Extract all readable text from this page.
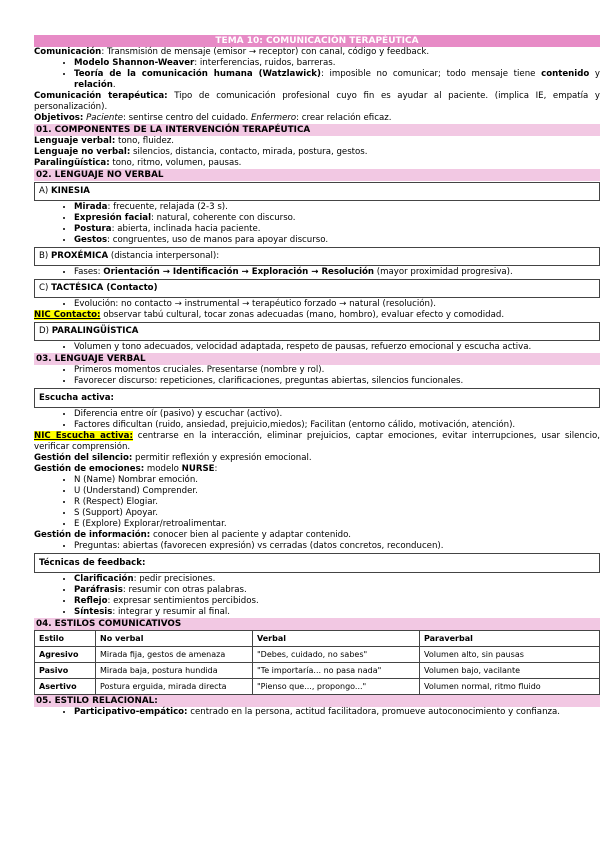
TEMA 10: COMUNICACIÓN TERAPÉUTICA

Comunicación: Transmisión de mensaje (emisor → receptor) con canal, código y feedback.

• Modelo Shannon-Weaver: interferencias, ruidos, barreras.
• Teoría de la comunicación humana (Watzlawick): imposible no comunicar; todo mensaje tiene contenido y relación.

Comunicación terapéutica: Tipo de comunicación profesional cuyo fin es ayudar al paciente. (implica IE, empatía y personalización).

Objetivos: Paciente: sentirse centro del cuidado. Enfermero: crear relación eficaz.

01. COMPONENTES DE LA INTERVENCIÓN TERAPÉUTICA

Lenguaje verbal: tono, fluidez.

Lenguaje no verbal: silencios, distancia, contacto, mirada, postura, gestos.

Paralingüística: tono, ritmo, volumen, pausas.

02. LENGUAJE NO VERBAL
A) KINESIA
• Mirada: frecuente, relajada (2-3 s).
• Expresión facial: natural, coherente con discurso.
• Postura: abierta, inclinada hacia paciente.
• Gestos: congruentes, uso de manos para apoyar discurso.
B) PROXÉMICA (distancia interpersonal):
• Fases: Orientación → Identificación → Exploración → Resolución (mayor proximidad progresiva).
C) TACTÉSICA (Contacto)
• Evolución: no contacto → instrumental → terapéutico forzado → natural (resolución).

NIC Contacto: observar tabú cultural, tocar zonas adecuadas (mano, hombro), evaluar efecto y comodidad.

D) PARALINGÜÍSTICA
• Volumen y tono adecuados, velocidad adaptada, respeto de pausas, refuerzo emocional y escucha activa.
03. LENGUAJE VERBAL
• Primeros momentos cruciales. Presentarse (nombre y rol).
• Favorecer discurso: repeticiones, clarificaciones, preguntas abiertas, silencios funcionales.
Escucha activa:
• Diferencia entre oír (pasivo) y escuchar (activo).
• Factores dificultan (ruido, ansiedad, prejuicio,miedos); Facilitan (entorno cálido, motivación, atención).

NIC Escucha activa: centrarse en la interacción, eliminar prejuicios, captar emociones, evitar interrupciones, usar silencio, verificar comprensión.

Gestión del silencio: permitir reflexión y expresión emocional.

Gestión de emociones: modelo NURSE:

• N (Name) Nombrar emoción.
• U (Understand) Comprender.
• R (Respect) Elogiar.
• S (Support) Apoyar.
• E (Explore) Explorar/retroalimentar.

Gestión de información: conocer bien al paciente y adaptar contenido.

• Preguntas: abiertas (favorecen expresión) vs cerradas (datos concretos, reconducen).
Técnicas de feedback:
• Clarificación: pedir precisiones.
• Paráfrasis: resumir con otras palabras.
• Reflejo: expresar sentimientos percibidos.
• Síntesis: integrar y resumir al final.
04. ESTILOS COMUNICATIVOS
Estilo	No verbal	Verbal	Paraverbal
Agresivo	Mirada fija, gestos de amenaza	"Debes, cuidado, no sabes"	Volumen alto, sin pausas
Pasivo	Mirada baja, postura hundida	"Te importaría... no pasa nada"	Volumen bajo, vacilante
Asertivo	Postura erguida, mirada directa	"Pienso que..., propongo..."	Volumen normal, ritmo fluido
05. ESTILO RELACIONAL:
• Participativo-empático: centrado en la persona, actitud facilitadora, promueve autoconocimiento y confianza.
